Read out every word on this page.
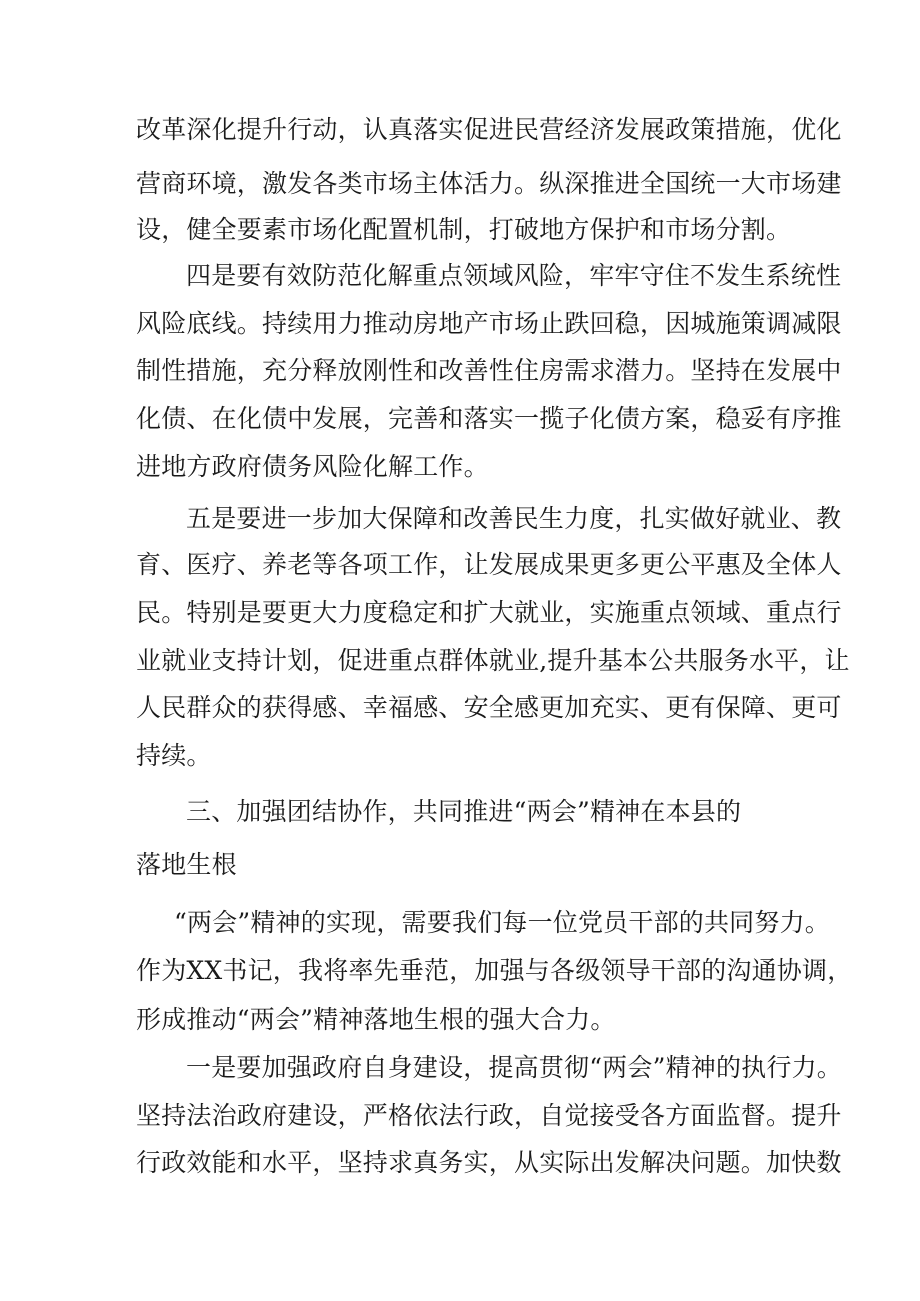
改革深化提升行动，认真落实促进民营经济发展政策措施，优化
营商环境，激发各类市场主体活力。纵深推进全国统一大市场建
设，健全要素市场化配置机制，打破地方保护和市场分割。
四是要有效防范化解重点领域风险，牢牢守住不发生系统性
风险底线。持续用力推动房地产市场止跌回稳，因城施策调减限
制性措施，充分释放刚性和改善性住房需求潜力。坚持在发展中
化债、在化债中发展，完善和落实一揽子化债方案，稳妥有序推
进地方政府债务风险化解工作。
五是要进一步加大保障和改善民生力度，扎实做好就业、教
育、医疗、养老等各项工作，让发展成果更多更公平惠及全体人
民。特别是要更大力度稳定和扩大就业，实施重点领域、重点行
业就业支持计划，促进重点群体就业,提升基本公共服务水平，让
人民群众的获得感、幸福感、安全感更加充实、更有保障、更可
持续。
三、加强团结协作，共同推进“两会”精神在本县的
落地生根
“两会”精神的实现，需要我们每一位党员干部的共同努力。
作为XX书记，我将率先垂范，加强与各级领导干部的沟通协调，
形成推动“两会”精神落地生根的强大合力。
一是要加强政府自身建设，提高贯彻“两会”精神的执行力。
坚持法治政府建设，严格依法行政，自觉接受各方面监督。提升
行政效能和水平，坚持求真务实，从实际出发解决问题。加快数
